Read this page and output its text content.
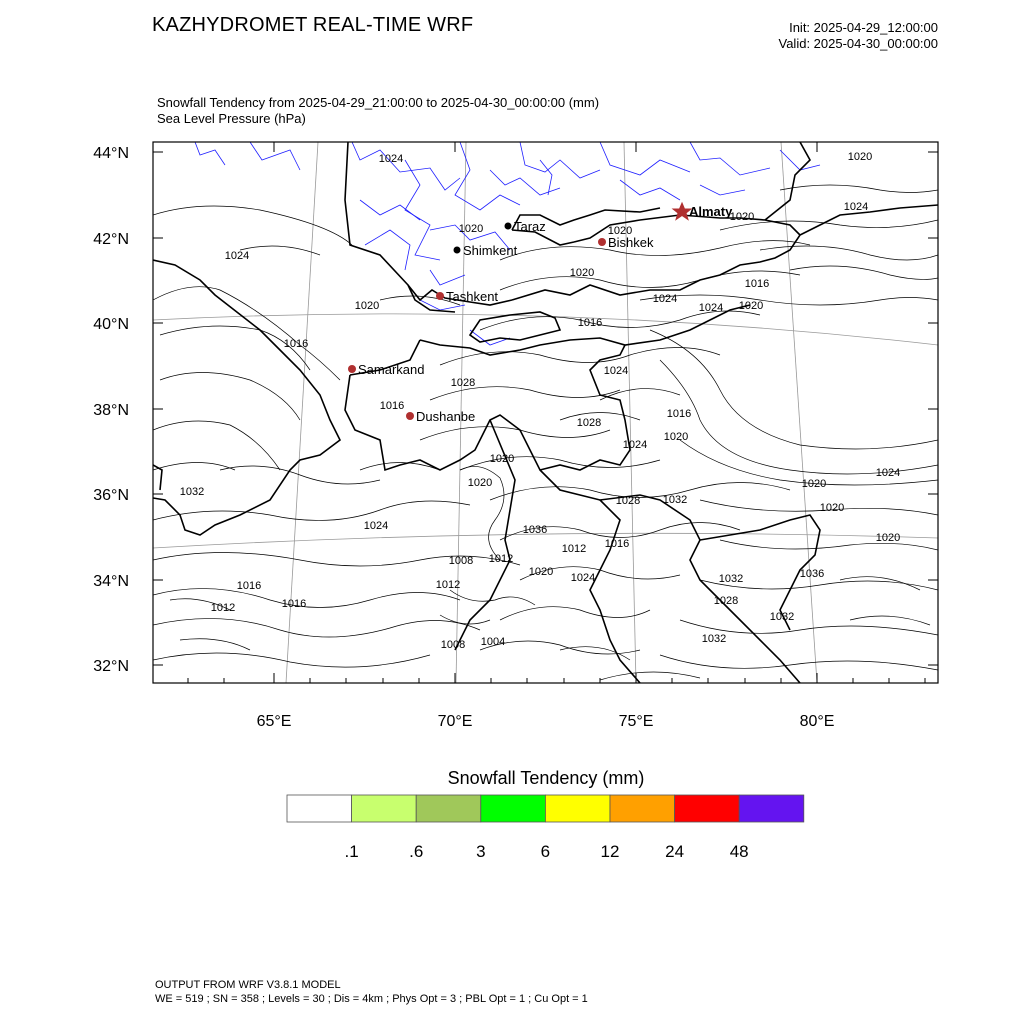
KAZHYDROMET REAL-TIME WRF	Init: 2025-04-29_12:00:00
Valid: 2025-04-30_00:00:00
Snowfall Tendency from 2025-04-29_21:00:00 to 2025-04-30_00:00:00 (mm)
Sea Level Pressure (hPa)
44°N
42°N
40°N
38°N
36°N
34°N
32°N
65°E	70°E	75°E	80°E
1024	1020
1024
1020
1016
1020	1020
1024
1020
1020
1024
1024 1020
1016
1016
1024
1016
1028
1016
1020
1028
1024
1020
1020
1032
1024
1020
1028 1032
1020
1024	1036
1020
1016
1012
1008 1012
1020 1024	1032	1036
1016	1012
1016
1012
1028
1032
1008 1004	1032
Taraz
Shimkent
Almaty
Bishkek
Tashkent
Samarkand
Dushanbe
Snowfall Tendency (mm)
.1	.6	3	6	12	24	48
OUTPUT FROM WRF V3.8.1 MODEL
WE = 519 ; SN = 358 ; Levels = 30 ; Dis = 4km ; Phys Opt = 3 ; PBL Opt = 1 ; Cu Opt = 1
